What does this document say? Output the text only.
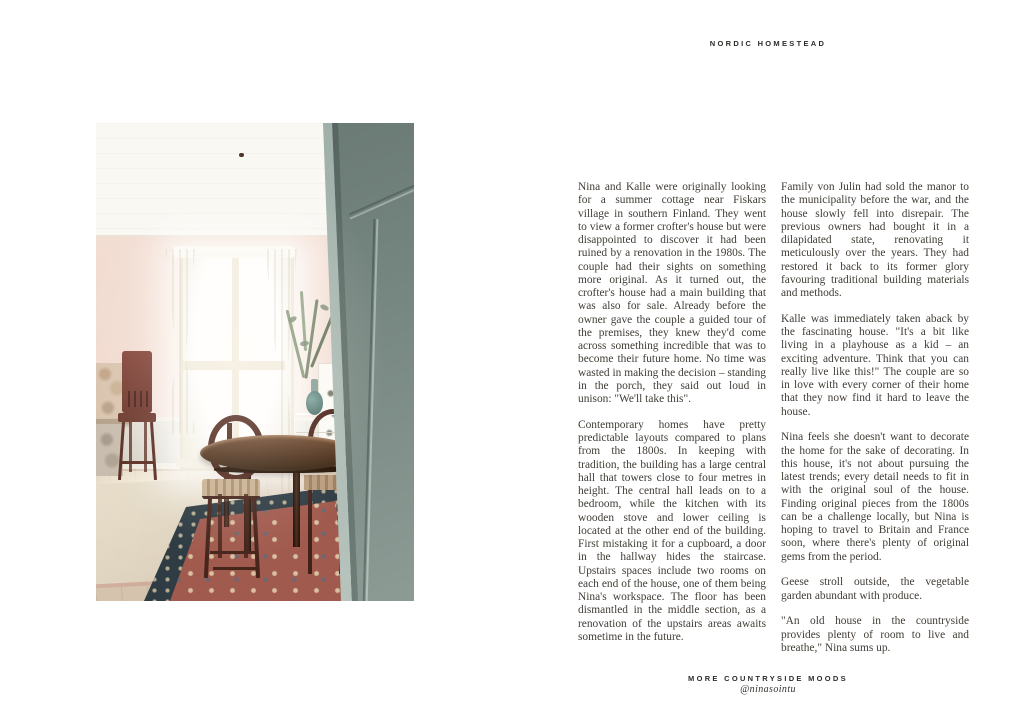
NORDIC HOMESTEAD

Nina and Kalle were originally looking for a summer cottage near Fiskars village in southern Finland. They went to view a former crofter's house but were disappointed to discover it had been ruined by a renovation in the 1980s. The couple had their sights on something more original. As it turned out, the crofter's house had a main building that was also for sale. Already before the owner gave the couple a guided tour of the premises, they knew they'd come across something incredible that was to become their future home. No time was wasted in making the decision – standing in the porch, they said out loud in unison: "We'll take this".

Contemporary homes have pretty predictable layouts compared to plans from the 1800s. In keeping with tradition, the building has a large central hall that towers close to four metres in height. The central hall leads on to a bedroom, while the kitchen with its wooden stove and lower ceiling is located at the other end of the building. First mistaking it for a cupboard, a door in the hallway hides the staircase. Upstairs spaces include two rooms on each end of the house, one of them being Nina's workspace. The floor has been dismantled in the middle section, as a renovation of the upstairs areas awaits sometime in the future.

Family von Julin had sold the manor to the municipality before the war, and the house slowly fell into disrepair. The previous owners had bought it in a dilapidated state, renovating it meticulously over the years. They had restored it back to its former glory favouring traditional building materials and methods.

Kalle was immediately taken aback by the fascinating house. "It's a bit like living in a playhouse as a kid – an exciting adventure. Think that you can really live like this!" The couple are so in love with every corner of their home that they now find it hard to leave the house.

Nina feels she doesn't want to decorate the home for the sake of decorating. In this house, it's not about pursuing the latest trends; every detail needs to fit in with the original soul of the house. Finding original pieces from the 1800s can be a challenge locally, but Nina is hoping to travel to Britain and France soon, where there's plenty of original gems from the period.

Geese stroll outside, the vegetable garden abundant with produce.

"An old house in the countryside provides plenty of room to live and breathe," Nina sums up.

MORE COUNTRYSIDE MOODS
@ninasointu
